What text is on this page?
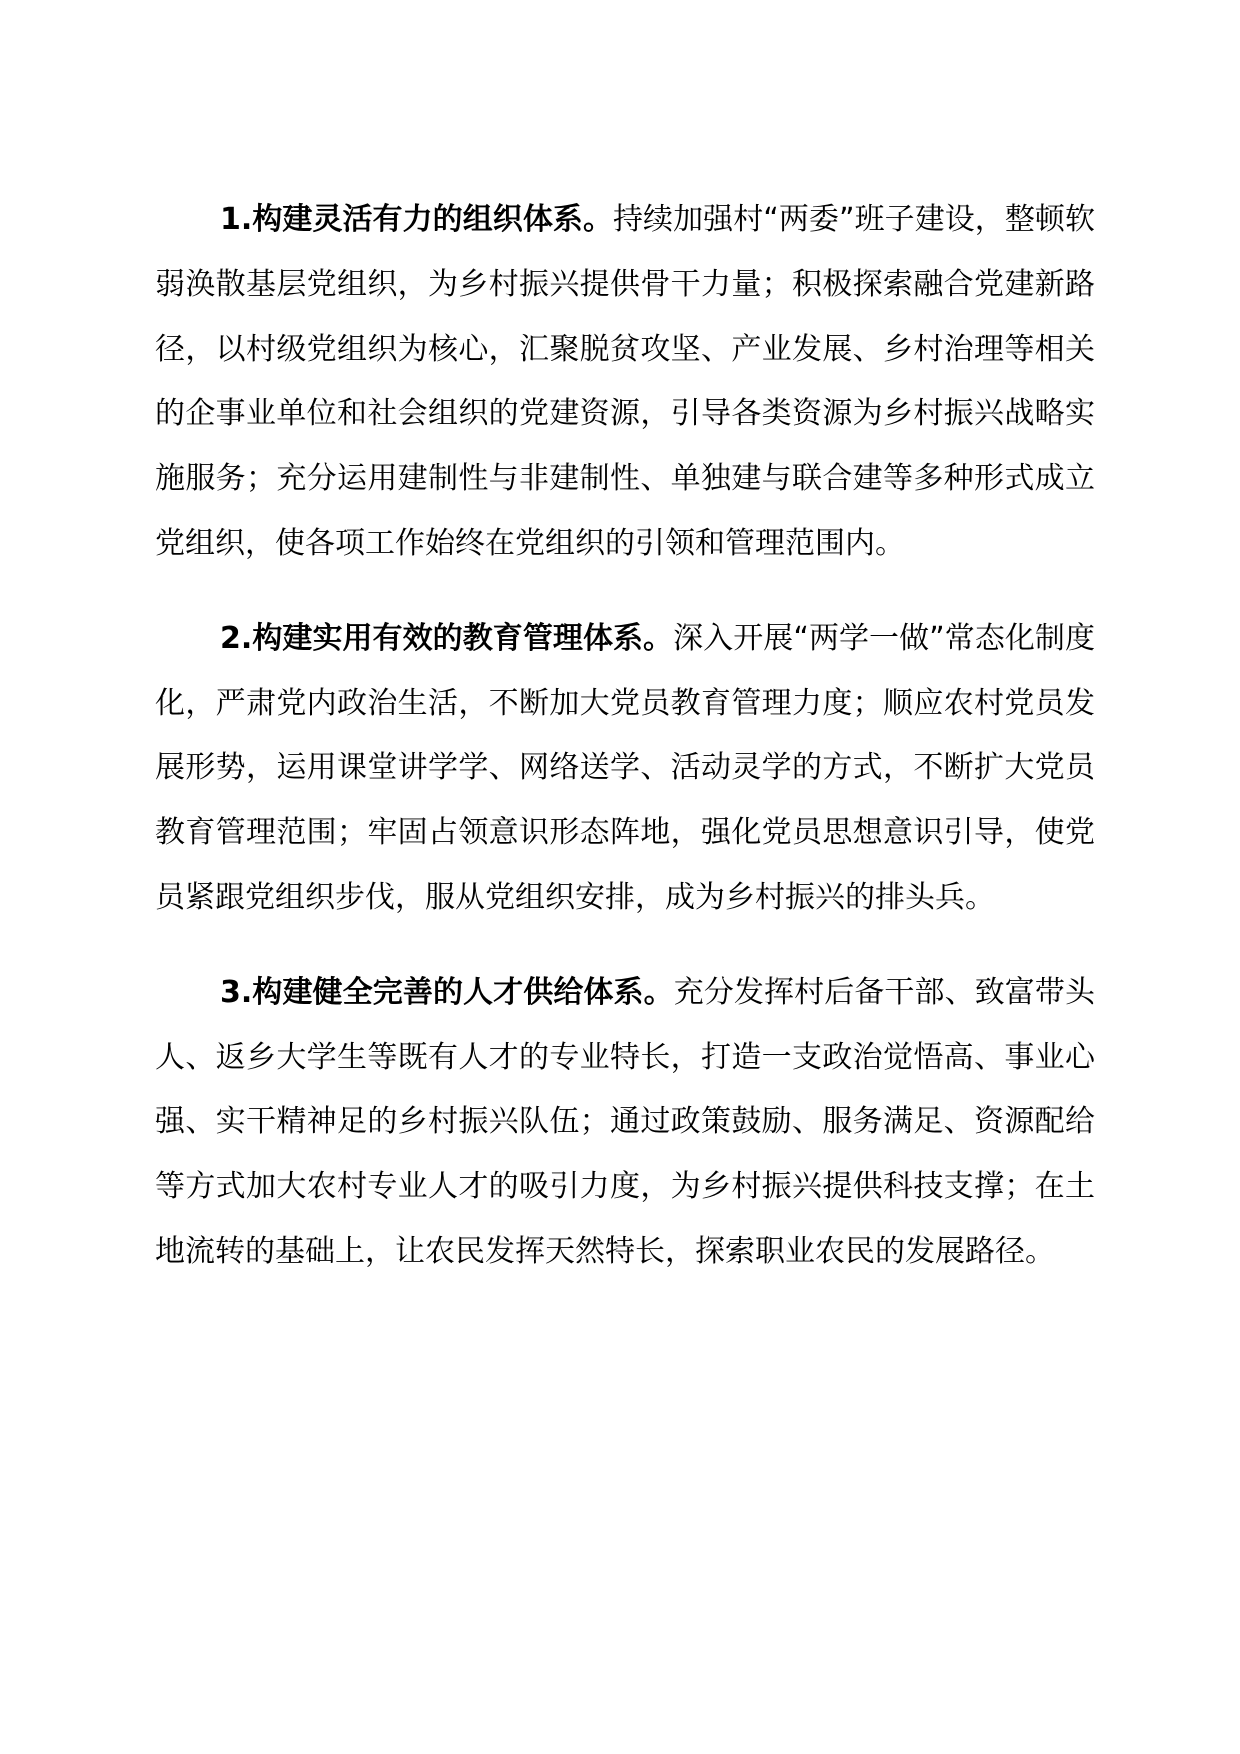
1.构建灵活有力的组织体系。持续加强村“两委”班子建设，整顿软弱涣散基层党组织，为乡村振兴提供骨干力量；积极探索融合党建新路径，以村级党组织为核心，汇聚脱贫攻坚、产业发展、乡村治理等相关的企事业单位和社会组织的党建资源，引导各类资源为乡村振兴战略实施服务；充分运用建制性与非建制性、单独建与联合建等多种形式成立党组织，使各项工作始终在党组织的引领和管理范围内。

2.构建实用有效的教育管理体系。深入开展“两学一做”常态化制度化，严肃党内政治生活，不断加大党员教育管理力度；顺应农村党员发展形势，运用课堂讲学学、网络送学、活动灵学的方式，不断扩大党员教育管理范围；牢固占领意识形态阵地，强化党员思想意识引导，使党员紧跟党组织步伐，服从党组织安排，成为乡村振兴的排头兵。

3.构建健全完善的人才供给体系。充分发挥村后备干部、致富带头人、返乡大学生等既有人才的专业特长，打造一支政治觉悟高、事业心强、实干精神足的乡村振兴队伍；通过政策鼓励、服务满足、资源配给等方式加大农村专业人才的吸引力度，为乡村振兴提供科技支撑；在土地流转的基础上，让农民发挥天然特长，探索职业农民的发展路径。
